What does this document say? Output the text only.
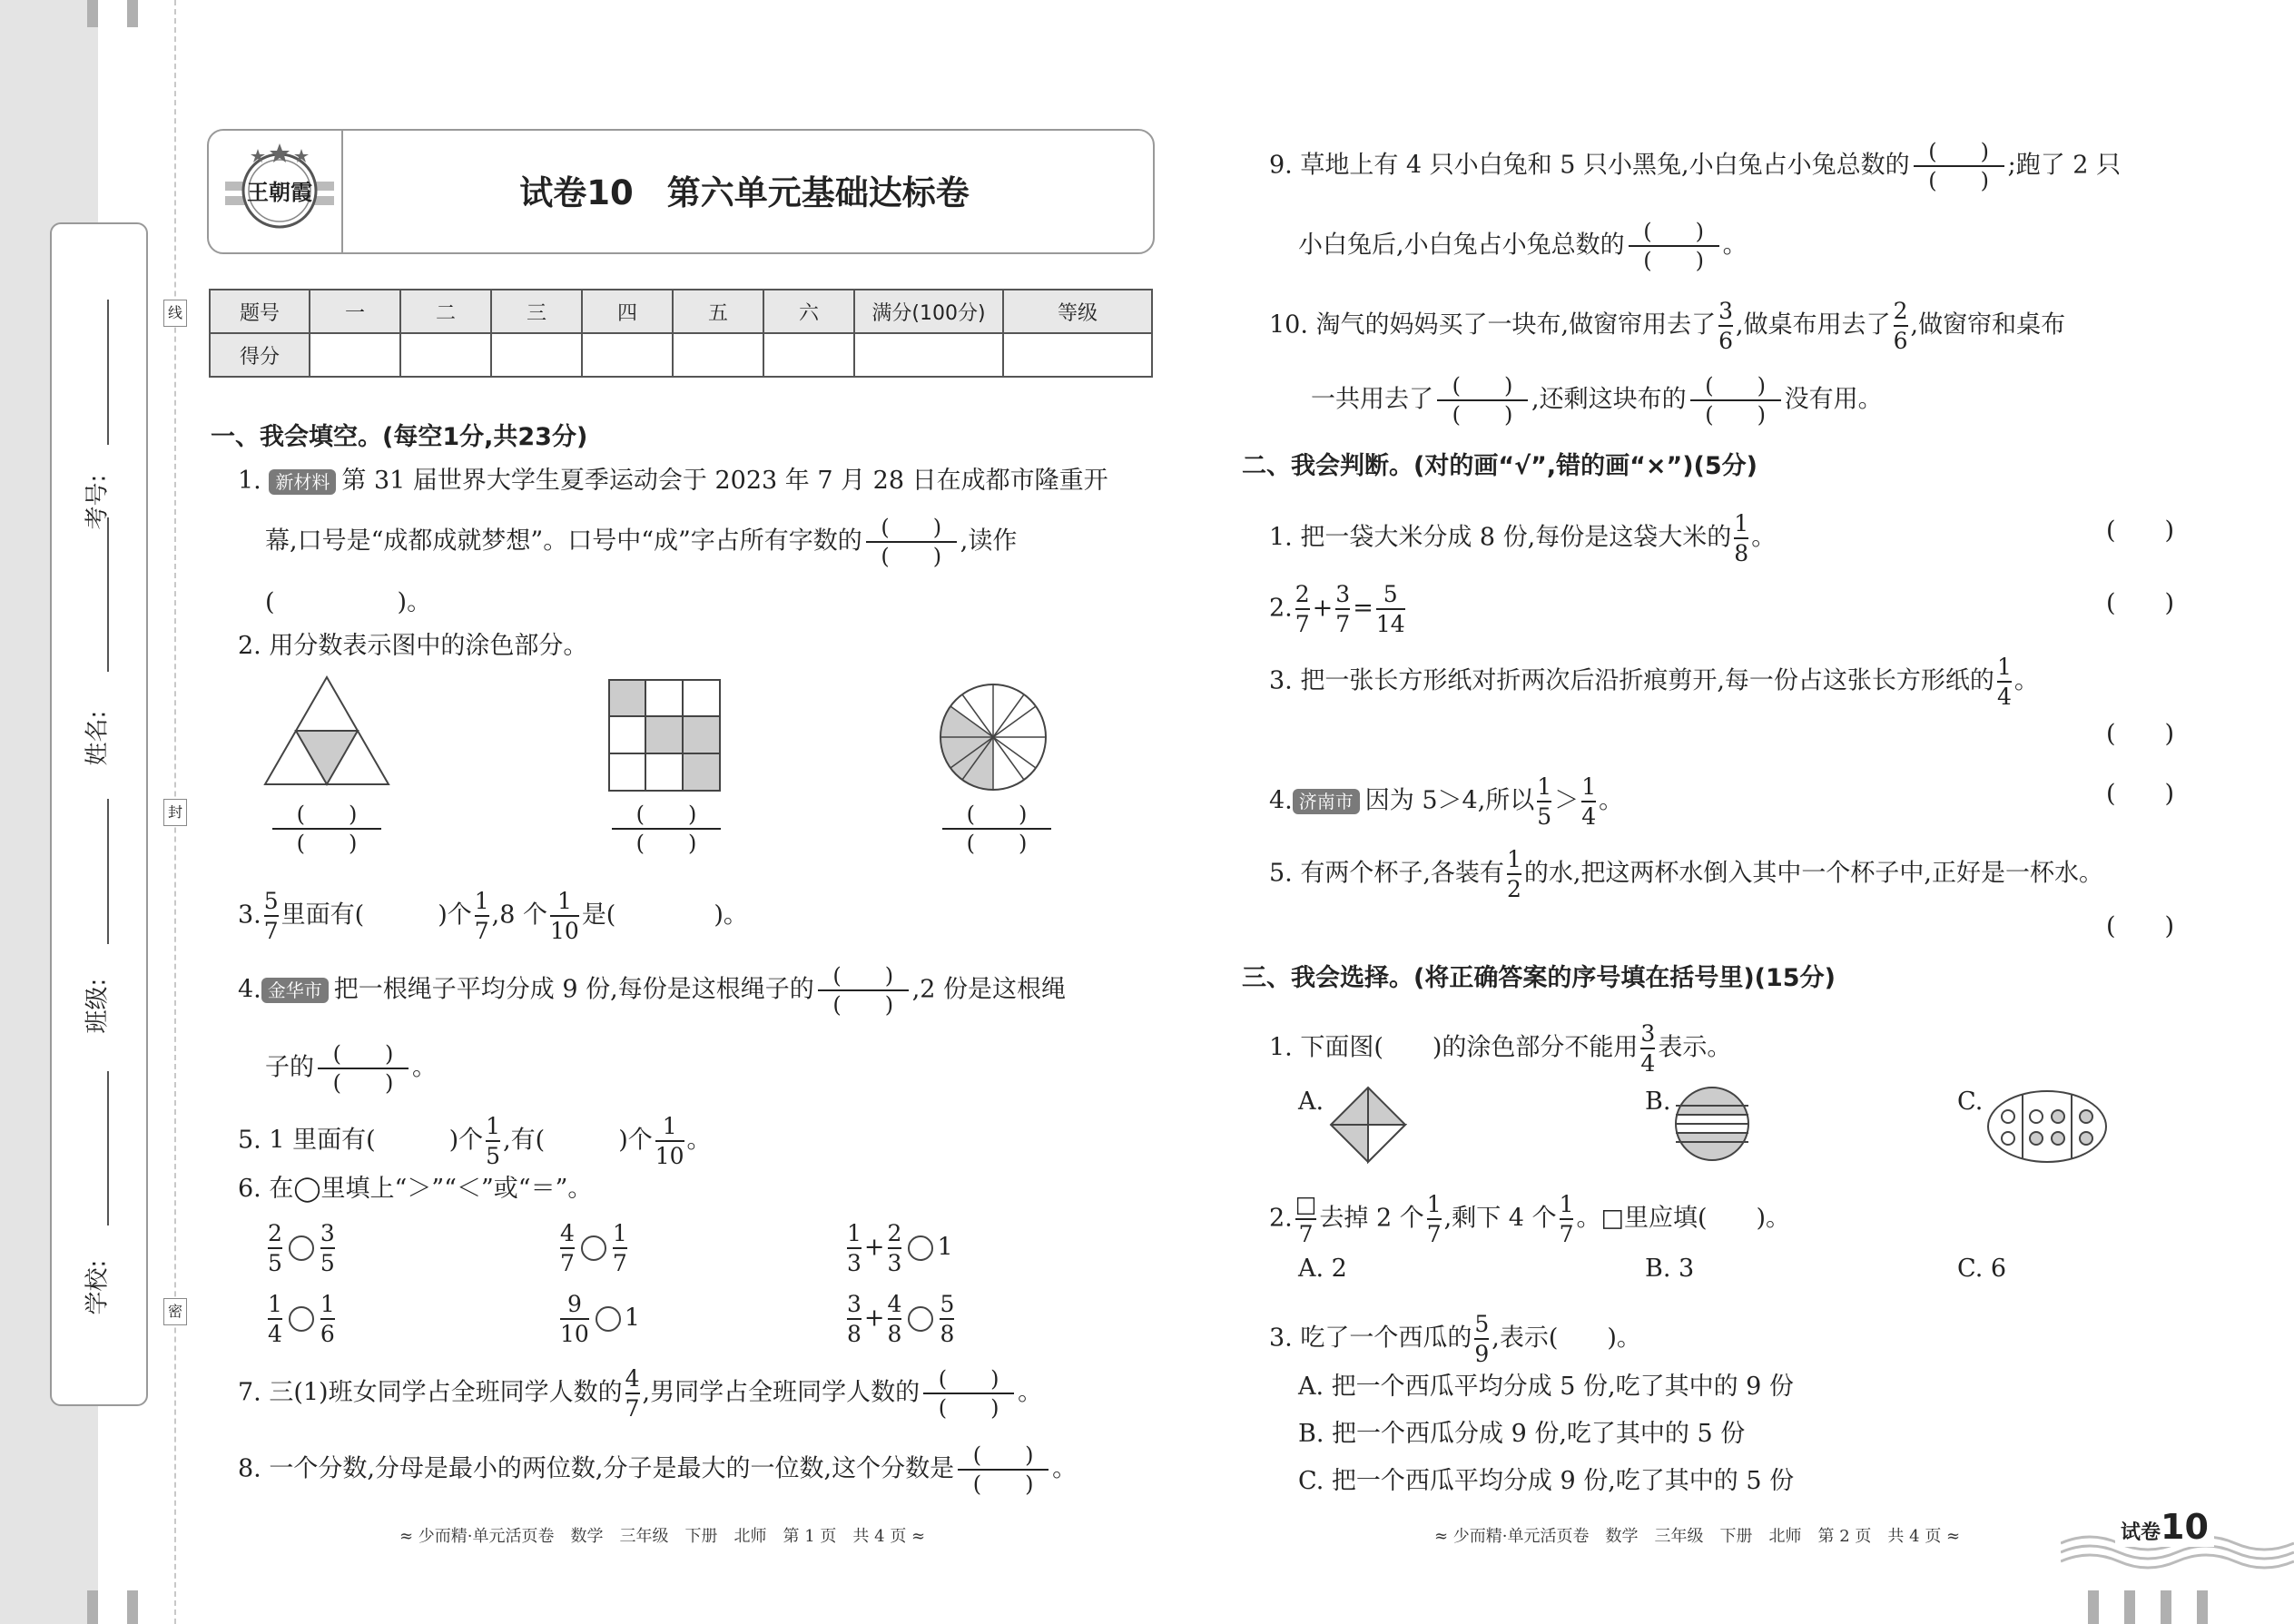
学校:
班级:
姓名:
考号:
线
封
密
王朝霞	试卷10　第六单元基础达标卷
题号	一	二	三	四	五	六	满分(100分)	等级
得分								
一、我会填空。(每空1分,共23分)
1. 新材料 第 31 届世界大学生夏季运动会于 2023 年 7 月 28 日在成都市隆重开
幕,口号是“成都成就梦想”。口号中“成”字占所有字数的 (　　)
(　　)
,读作
(　　　　　)。
2. 用分数表示图中的涂色部分。
(　　)
(　　)
(　　)
(　　)
(　　)
(　　)
3. $\frac{5}{7}$ 里面有(　　　)个 $\frac{1}{7} ,8$ 个 $\frac{1}{10}$ 是(　　　　)。
4. 金华市 把一根绳子平均分成 9 份,每份是这根绳子的 (　　)
(　　)
,2 份是这根绳
子的 (　　)
(　　)
。
5. 1 里面有(　　　)个 $\frac{1}{5}$ ,有(　　　)个 $\frac{1}{10}$ 。
6. 在◯里填上“＞”“＜”或“＝”。
$\frac{2}{5} \frac{3}{5}$	$\frac{4}{7} \frac{1}{7}$	$\frac{1}{3} + \frac{2}{3} 1$
$\frac{1}{4} \frac{1}{6}$	$\frac{9}{10} 1$	$\frac{3}{8} + \frac{4}{8} \frac{5}{8}$
7. 三(1)班女同学占全班同学人数的 $\frac{4}{7}$ ,男同学占全班同学人数的 (　　)
(　　)
。
8. 一个分数,分母是最小的两位数,分子是最大的一位数,这个分数是 (　　)
(　　)
。
≈ 少而精·单元活页卷　数学　三年级　下册　北师　第 1 页　共 4 页 ≈
9. 草地上有 4 只小白兔和 5 只小黑兔,小白兔占小兔总数的 (　　)
(　　)
;跑了 2 只
小白兔后,小白兔占小兔总数的 (　　)
(　　)
。
10. 淘气的妈妈买了一块布,做窗帘用去了 $\frac{3}{6}$ ,做桌布用去了 $\frac{2}{6}$ ,做窗帘和桌布
一共用去了 (　　)
(　　)
,还剩这块布的 (　　)
(　　)
没有用。
二、我会判断。(对的画“√”,错的画“×”)(5分)
1. 把一袋大米分成 8 份,每份是这袋大米的 $\frac{1}{8}$ 。	(　　)
2. $\frac{2}{7} + \frac{3}{7} = \frac{5}{14}$	(　　)
3. 把一张长方形纸对折两次后沿折痕剪开,每一份占这张长方形纸的 $\frac{1}{4}$ 。
(　　)
4. 济南市 因为 5＞4,所以 $\frac{1}{5} > \frac{1}{4}$ 。	(　　)
5. 有两个杯子,各装有 $\frac{1}{2}$ 的水,把这两杯水倒入其中一个杯子中,正好是一杯水。
(　　)
三、我会选择。(将正确答案的序号填在括号里)(15分)
1. 下面图(　　)的涂色部分不能用 $\frac{3}{4}$ 表示。
A.	B.	C.
2. $\frac{□}{7}$ 去掉 2 个 $\frac{1}{7}$ ,剩下 4 个 $\frac{1}{7}$ 。□里应填(　　)。
A. 2	B. 3	C. 6
3. 吃了一个西瓜的 $\frac{5}{9}$ ,表示(　　)。
A. 把一个西瓜平均分成 5 份,吃了其中的 9 份
B. 把一个西瓜分成 9 份,吃了其中的 5 份
C. 把一个西瓜平均分成 9 份,吃了其中的 5 份
≈ 少而精·单元活页卷　数学　三年级　下册　北师　第 2 页　共 4 页 ≈	试卷10
